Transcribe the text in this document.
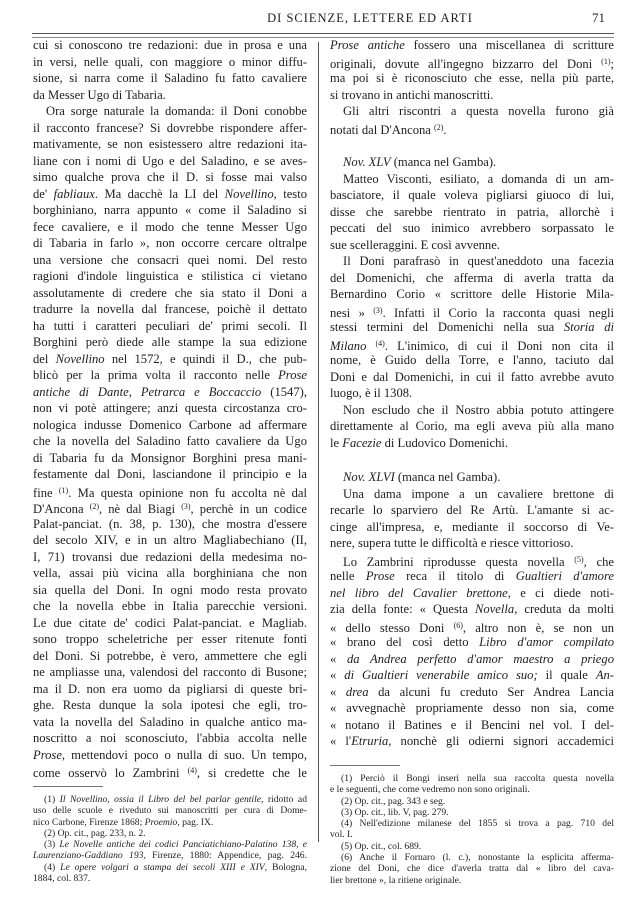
DI SCIENZE, LETTERE ED ARTI	71
cui si conoscono tre redazioni: due in prosa e una
in versi, nelle quali, con maggiore o minor diffu-
sione, si narra come il Saladino fu fatto cavaliere
da Messer Ugo di Tabaria.
Ora sorge naturale la domanda: il Doni conobbe
il racconto francese? Si dovrebbe rispondere affer-
mativamente, se non esistessero altre redazioni ita-
liane con i nomi di Ugo e del Saladino, e se aves-
simo qualche prova che il D. si fosse mai valso
de' fabliaux. Ma dacchè la LI del Novellino, testo
borghiniano, narra appunto « come il Saladino si
fece cavaliere, e il modo che tenne Messer Ugo
di Tabaria in farlo », non occorre cercare oltralpe
una versione che consacri quei nomi. Del resto
ragioni d'indole linguistica e stilistica ci vietano
assolutamente di credere che sia stato il Doni a
tradurre la novella dal francese, poichè il dettato
ha tutti i caratteri peculiari de' primi secoli. Il
Borghini però diede alle stampe la sua edizione
del Novellino nel 1572, e quindi il D., che pub-
blicò per la prima volta il racconto nelle Prose
antiche di Dante, Petrarca e Boccaccio (1547),
non vi potè attingere; anzi questa circostanza cro-
nologica indusse Domenico Carbone ad affermare
che la novella del Saladino fatto cavaliere da Ugo
di Tabaria fu da Monsignor Borghini presa mani-
festamente dal Doni, lasciandone il principio e la
fine $^{(1)}$. Ma questa opinione non fu accolta nè dal
D'Ancona $^{(2)}$, nè dal Biagi $^{(3)}$, perchè in un codice
Palat-panciat. (n. 38, p. 130), che mostra d'essere
del secolo XIV, e in un altro Magliabechiano (II,
I, 71) trovansi due redazioni della medesima no-
vella, assai più vicina alla borghiniana che non
sia quella del Doni. In ogni modo resta provato
che la novella ebbe in Italia parecchie versioni.
Le due citate de' codici Palat-panciat. e Magliab.
sono troppo scheletriche per esser ritenute fonti
del Doni. Si potrebbe, è vero, ammettere che egli
ne ampliasse una, valendosi del racconto di Busone;
ma il D. non era uomo da pigliarsi di queste bri-
ghe. Resta dunque la sola ipotesi che egli, tro-
vata la novella del Saladino in qualche antico ma-
noscritto a noi sconosciuto, l'abbia accolta nelle
Prose, mettendovi poco o nulla di suo. Un tempo,
come osservò lo Zambrini $^{(4)}$, si credette che le
Prose antiche fossero una miscellanea di scritture
originali, dovute all'ingegno bizzarro del Doni $^{(1)}$;
ma poi si è riconosciuto che esse, nella più parte,
si trovano in antichi manoscritti.
Gli altri riscontri a questa novella furono già
notati dal D'Ancona $^{(2)}$.
Nov. XLV (manca nel Gamba).
Matteo Visconti, esiliato, a domanda di un am-
basciatore, il quale voleva pigliarsi giuoco di lui,
disse che sarebbe rientrato in patria, allorchè i
peccati del suo inimico avrebbero sorpassato le
sue scelleraggini. E così avvenne.
Il Doni parafrasò in quest'aneddoto una facezia
del Domenichi, che afferma di averla tratta da
Bernardino Corio « scrittore delle Historie Mila-
nesi » $^{(3)}$. Infatti il Corio la racconta quasi negli
stessi termini del Domenichi nella sua Storia di
Milano $^{(4)}$. L'inimico, di cui il Doni non cita il
nome, è Guido della Torre, e l'anno, taciuto dal
Doni e dal Domenichi, in cui il fatto avrebbe avuto
luogo, è il 1308.
Non escludo che il Nostro abbia potuto attingere
direttamente al Corio, ma egli aveva più alla mano
le Facezie di Ludovico Domenichi.
Nov. XLVI (manca nel Gamba).
Una dama impone a un cavaliere brettone di
recarle lo sparviero del Re Artù. L'amante si ac-
cinge all'impresa, e, mediante il soccorso di Ve-
nere, supera tutte le difficoltà e riesce vittorioso.
Lo Zambrini riprodusse questa novella $^{(5)}$, che
nelle Prose reca il titolo di Gualtieri d'amore
nel libro del Cavalier brettone, e ci diede noti-
zia della fonte: « Questa Novella, creduta da molti
« dello stesso Doni $^{(6)}$, altro non è, se non un
« brano del così detto Libro d'amor compilato
« da Andrea perfetto d'amor maestro a priego
« di Gualtieri venerabile amico suo; il quale An-
« drea da alcuni fu creduto Ser Andrea Lancia
« avvegnachè propriamente desso non sia, come
« notano il Batines e il Bencini nel vol. I del-
« l'Etruria, nonchè gli odierni signori accademici
(1) Il Novellino, ossia il Libro del bel parlar gentile, ridotto ad
uso delle scuole e riveduto sui manoscritti per cura di Dome-
nico Carbone, Firenze 1868; Proemio, pag. IX.
(2) Op. cit., pag. 233, n. 2.
(3) Le Novelle antiche dei codici Panciatichiano-Palatino 138, e
Laurenziano-Gaddiano 193, Firenze, 1880: Appendice, pag. 246.
(4) Le opere volgari a stampa dei secoli XIII e XIV, Bologna,
1884, col. 837.
(1) Perciò il Bongi inserì nella sua raccolta questa novella
e le seguenti, che come vedremo non sono originali.
(2) Op. cit., pag. 343 e seg.
(3) Op. cit., lib. V, pag. 279.
(4) Nell'edizione milanese del 1855 si trova a pag. 710 del
vol. I.
(5) Op. cit., col. 689.
(6) Anche il Fornaro (l. c.), nonostante la esplicita afferma-
zione del Doni, che dice d'averla tratta dal « libro del cava-
lier brettone », la ritiene originale.
